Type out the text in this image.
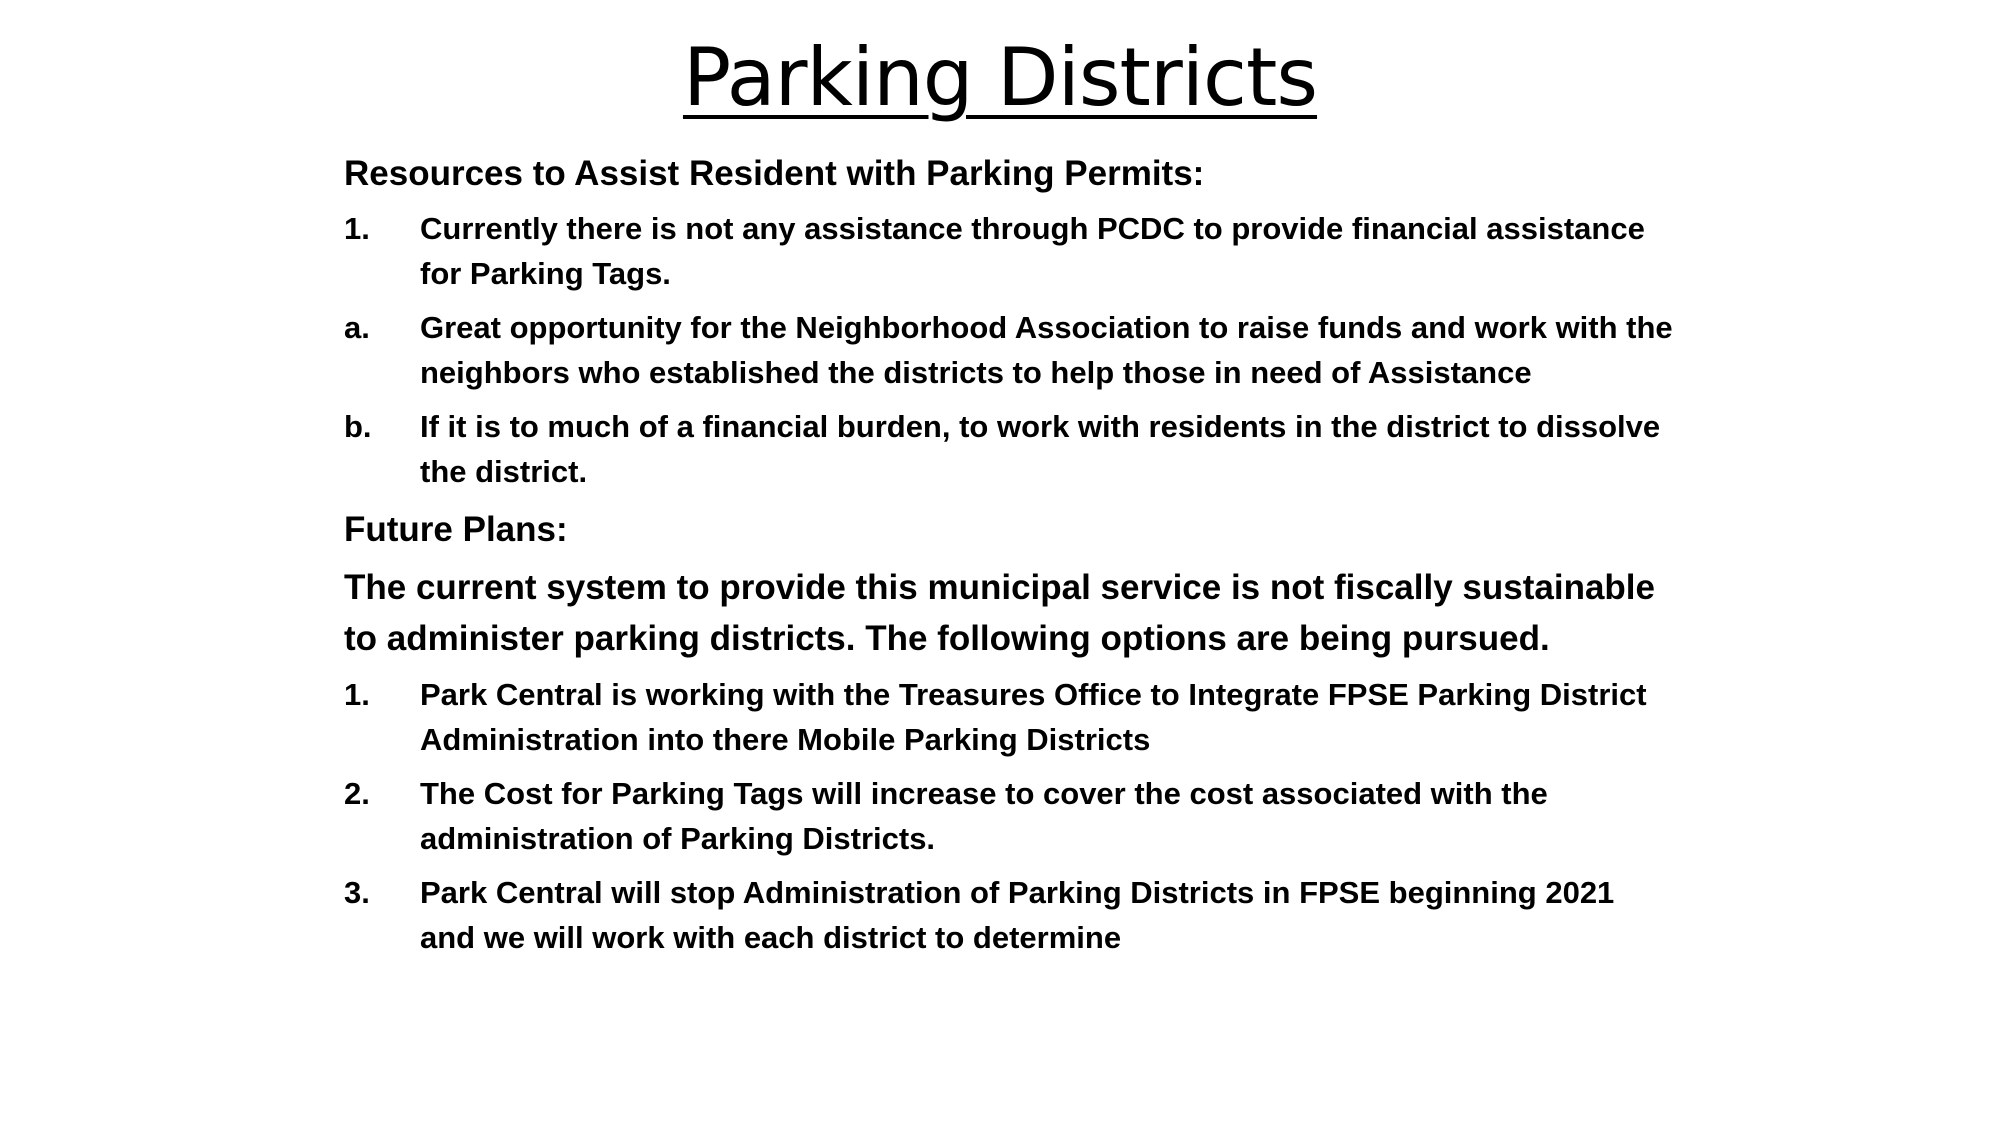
Parking Districts

Resources to Assist Resident with Parking Permits:

1.	Currently there is not any assistance through PCDC to provide financial assistance for Parking Tags.
a.	Great opportunity for the Neighborhood Association to raise funds and work with the neighbors who established the districts to help those in need of Assistance
b.	If it is to much of a financial burden, to work with residents in the district to dissolve the district.

Future Plans:

The current system to provide this municipal service is not fiscally sustainable to administer parking districts. The following options are being pursued.

1.	Park Central is working with the Treasures Office to Integrate FPSE Parking District Administration into there Mobile Parking Districts
2.	The Cost for Parking Tags will increase to cover the cost associated with the administration of Parking Districts.
3.	Park Central will stop Administration of Parking Districts in FPSE beginning 2021 and we will work with each district to determine
